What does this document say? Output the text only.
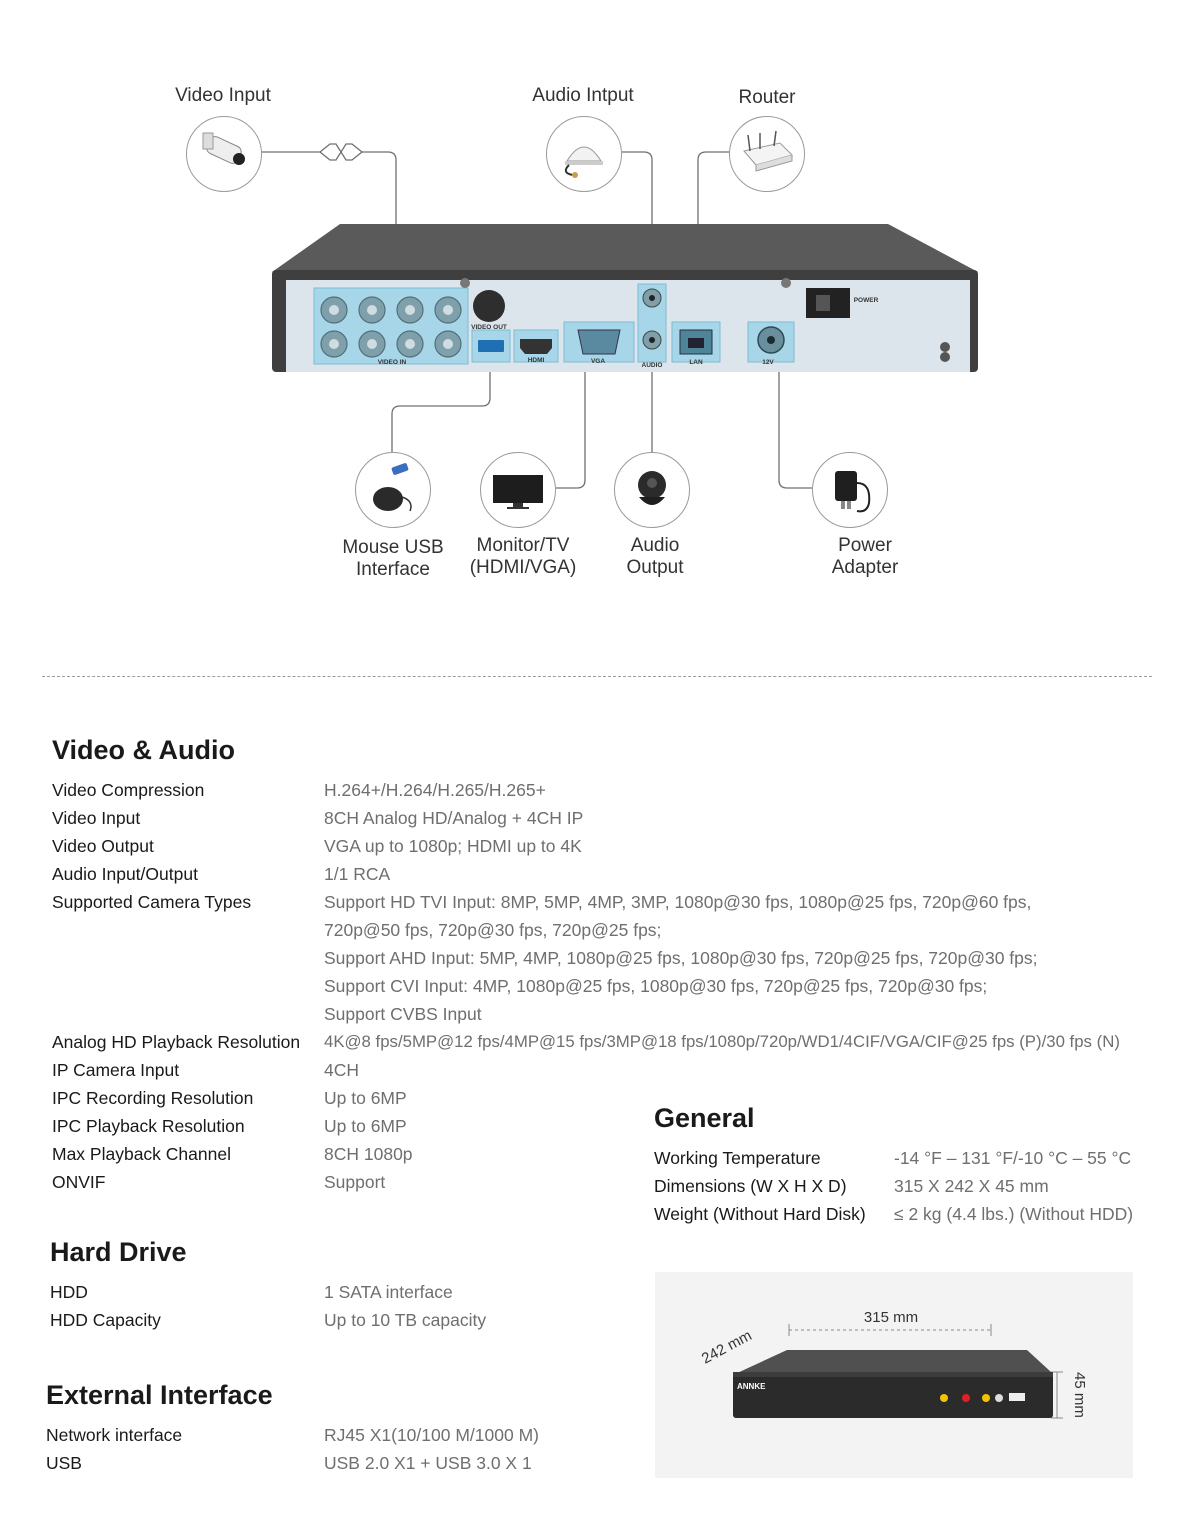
VIDEO IN
VIDEO OUT
HDMI	VGA
AUDIO	LAN	12V
POWER
Video Input	Audio Intput	Router
Mouse USB
Interface
Monitor/TV
(HDMI/VGA)
Audio
Output
Power
Adapter
Video & Audio
Video Compression	H.264+/H.264/H.265/H.265+
Video Input	8CH Analog HD/Analog + 4CH IP
Video Output	VGA up to 1080p; HDMI up to 4K
Audio Input/Output	1/1 RCA
Supported Camera Types	Support HD TVI Input: 8MP, 5MP, 4MP, 3MP, 1080p@30 fps, 1080p@25 fps, 720p@60 fps,
720p@50 fps, 720p@30 fps, 720p@25 fps;
Support AHD Input: 5MP, 4MP, 1080p@25 fps, 1080p@30 fps, 720p@25 fps, 720p@30 fps;
Support CVI Input: 4MP, 1080p@25 fps, 1080p@30 fps, 720p@25 fps, 720p@30 fps;
Support CVBS Input
Analog HD Playback Resolution 4K@8 fps/5MP@12 fps/4MP@15 fps/3MP@18 fps/1080p/720p/WD1/4CIF/VGA/CIF@25 fps (P)/30 fps (N)
IP Camera Input	4CH
IPC Recording Resolution	Up to 6MP
IPC Playback Resolution	Up to 6MP
Max Playback Channel	8CH 1080p
ONVIF	Support
General
Working Temperature	-14 °F – 131 °F/-10 °C – 55 °C
Dimensions (W X H X D)	315 X 242 X 45 mm
Weight (Without Hard Disk) ≤ 2 kg (4.4 lbs.) (Without HDD)
Hard Drive
HDD	1 SATA interface
HDD Capacity	Up to 10 TB capacity
External Interface
Network interface	RJ45 X1(10/100 M/1000 M)
USB	USB 2.0 X1 + USB 3.0 X 1
315 mm
242 mm
45 mm
ANNKE
